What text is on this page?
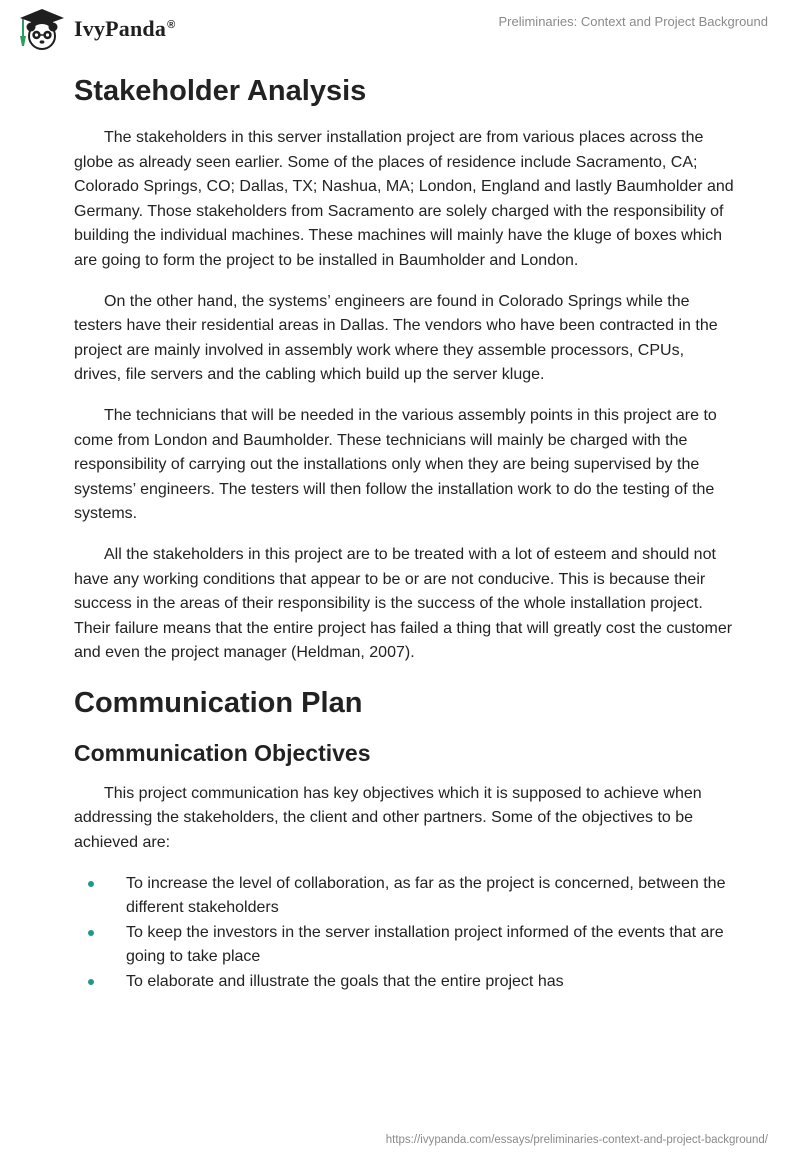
IvyPanda®	Preliminaries: Context and Project Background
Stakeholder Analysis

The stakeholders in this server installation project are from various places across the globe as already seen earlier. Some of the places of residence include Sacramento, CA; Colorado Springs, CO; Dallas, TX; Nashua, MA; London, England and lastly Baumholder and Germany. Those stakeholders from Sacramento are solely charged with the responsibility of building the individual machines. These machines will mainly have the kluge of boxes which are going to form the project to be installed in Baumholder and London.

On the other hand, the systems’ engineers are found in Colorado Springs while the testers have their residential areas in Dallas. The vendors who have been contracted in the project are mainly involved in assembly work where they assemble processors, CPUs, drives, file servers and the cabling which build up the server kluge.

The technicians that will be needed in the various assembly points in this project are to come from London and Baumholder. These technicians will mainly be charged with the responsibility of carrying out the installations only when they are being supervised by the systems’ engineers. The testers will then follow the installation work to do the testing of the systems.

All the stakeholders in this project are to be treated with a lot of esteem and should not have any working conditions that appear to be or are not conducive. This is because their success in the areas of their responsibility is the success of the whole installation project. Their failure means that the entire project has failed a thing that will greatly cost the customer and even the project manager (Heldman, 2007).

Communication Plan
Communication Objectives

This project communication has key objectives which it is supposed to achieve when addressing the stakeholders, the client and other partners. Some of the objectives to be achieved are:

To increase the level of collaboration, as far as the project is concerned, between the different stakeholders
To keep the investors in the server installation project informed of the events that are going to take place
To elaborate and illustrate the goals that the entire project has
https://ivypanda.com/essays/preliminaries-context-and-project-background/
